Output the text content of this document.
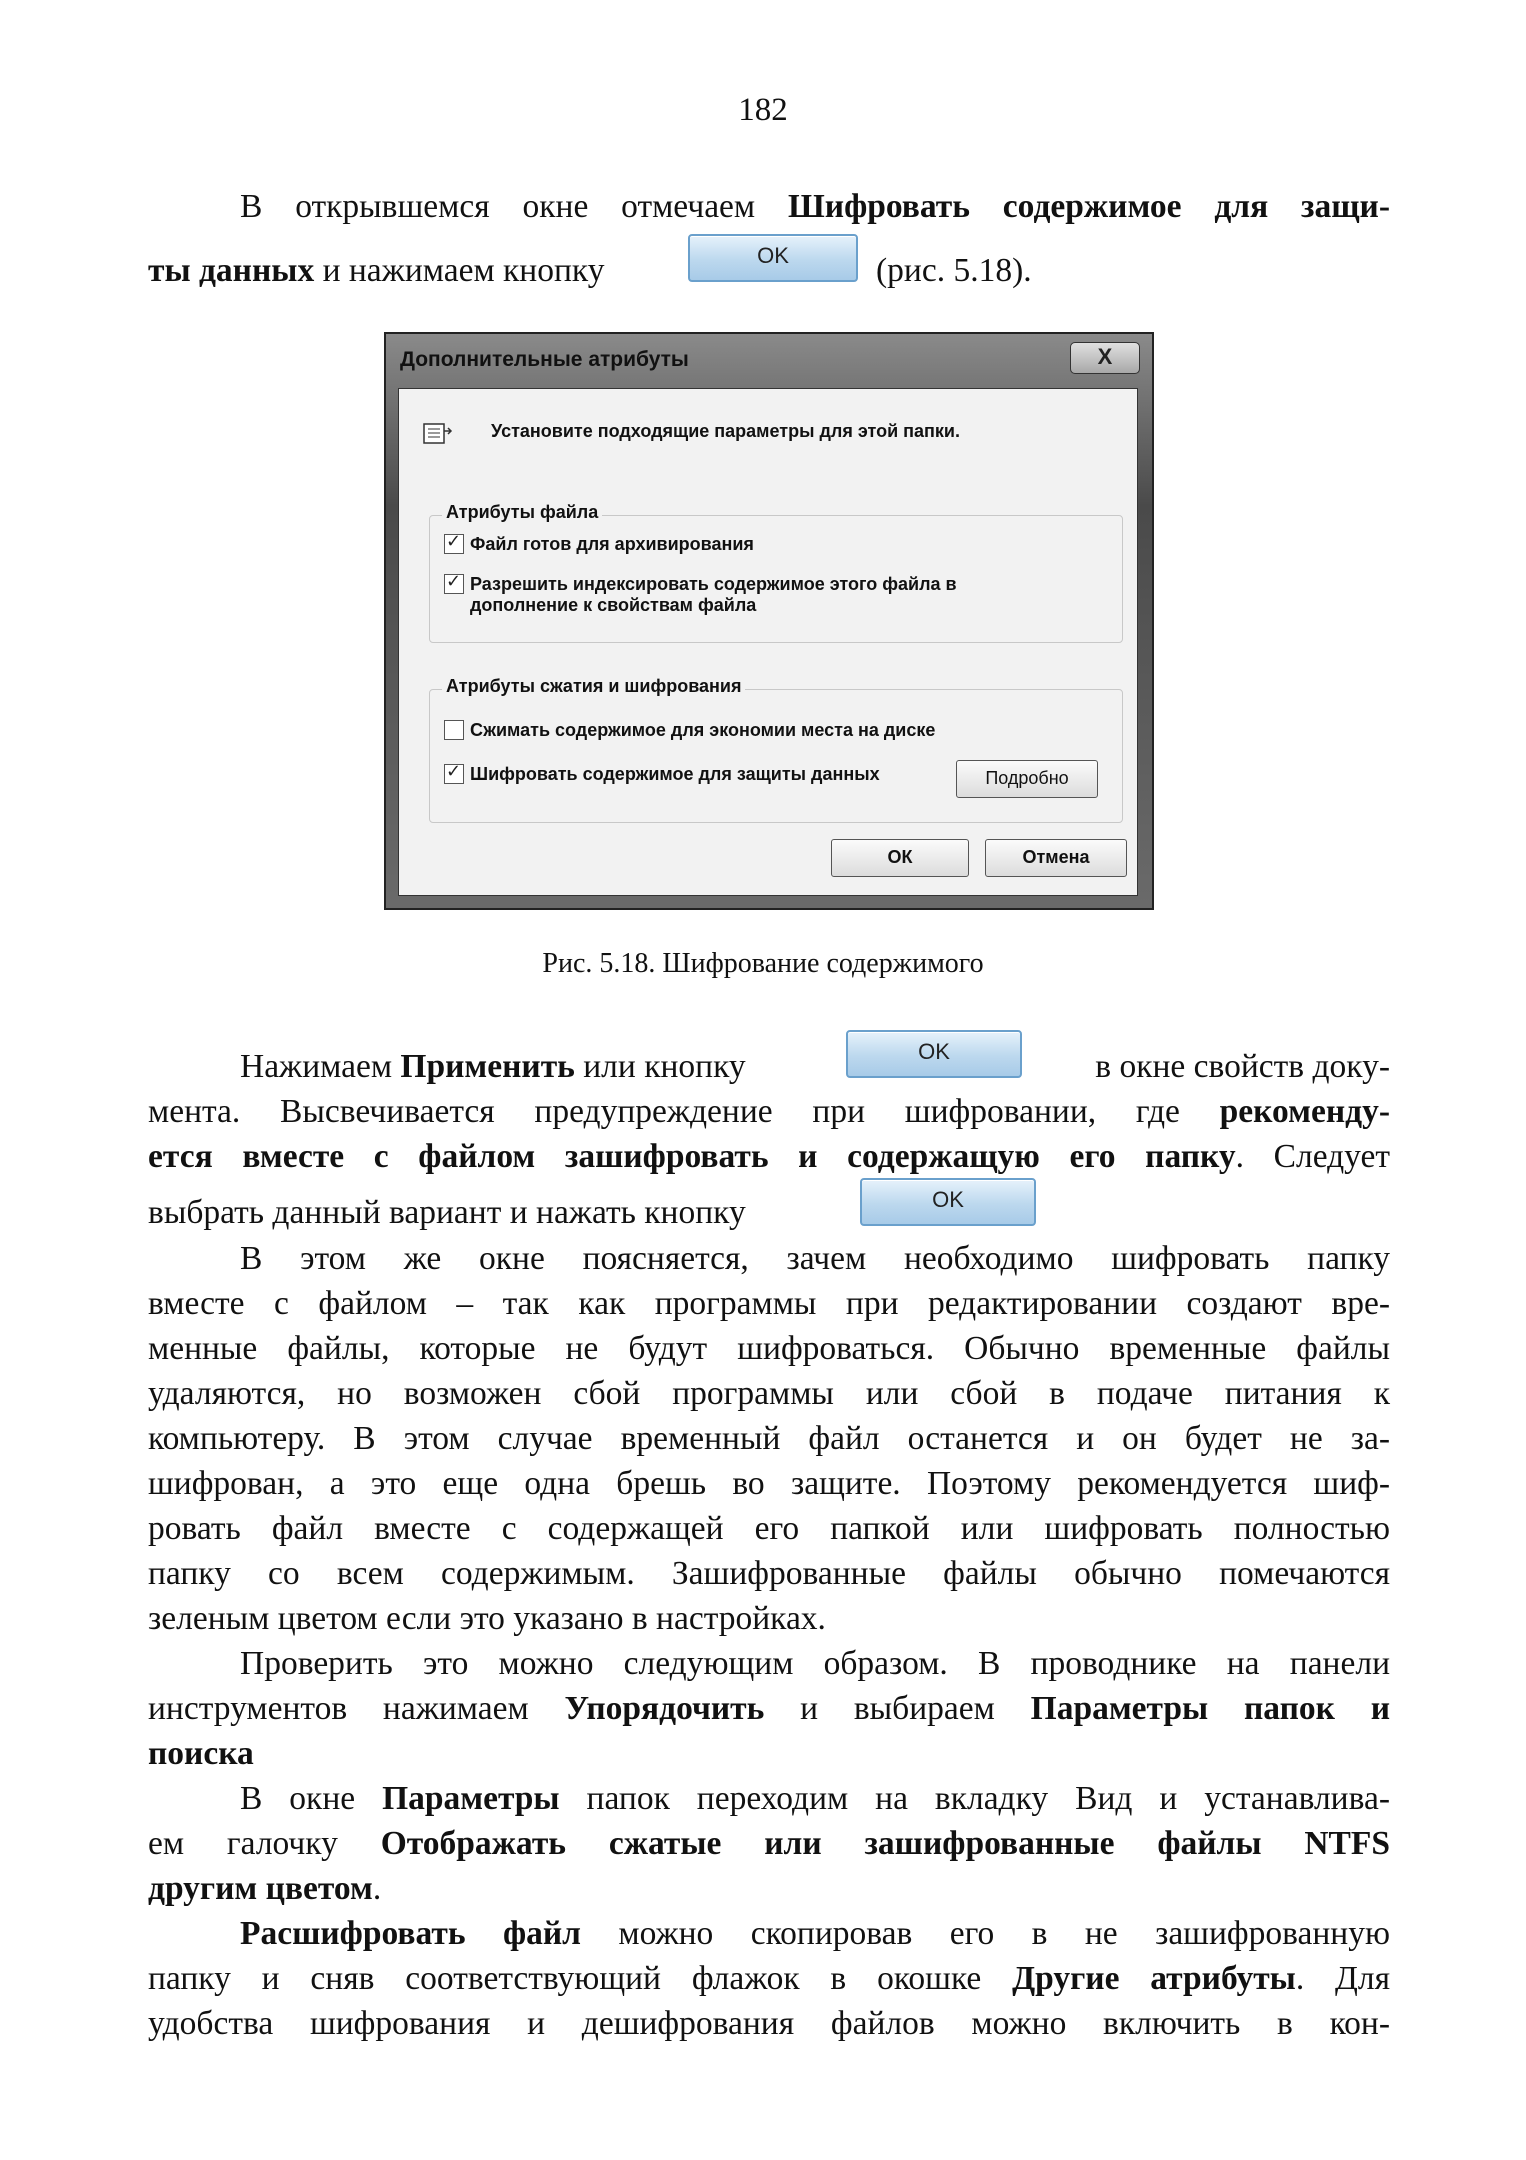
182
В открывшемся окне отмечаем Шифровать содержимое для защи-
ты данных и нажимаем кнопку	OK	(рис. 5.18).
Дополнительные атрибуты	X
Установите подходящие параметры для этой папки.
Атрибуты файла
✓
Файл готов для архивирования
✓
Разрешить индексировать содержимое этого файла в
дополнение к свойствам файла
Атрибуты сжатия и шифрования
Сжимать содержимое для экономии места на диске
✓
Шифровать содержимое для защиты данных	Подробно
ОК	Отмена
Рис. 5.18. Шифрование содержимого
Нажимаем Применить или кнопку	OK	в окне свойств доку-
мента. Высвечивается предупреждение при шифровании, где рекоменду-
ется вместе с файлом зашифровать и содержащую его папку. Следует
выбрать данный вариант и нажать кнопку	OK
В этом же окне поясняется, зачем необходимо шифровать папку
вместе с файлом – так как программы при редактировании создают вре-
менные файлы, которые не будут шифроваться. Обычно временные файлы
удаляются, но возможен сбой программы или сбой в подаче питания к
компьютеру. В этом случае временный файл останется и он будет не за-
шифрован, а это еще одна брешь во защите. Поэтому рекомендуется шиф-
ровать файл вместе с содержащей его папкой или шифровать полностью
папку со всем содержимым. Зашифрованные файлы обычно помечаются
зеленым цветом если это указано в настройках.
Проверить это можно следующим образом. В проводнике на панели
инструментов нажимаем Упорядочить и выбираем Параметры папок и
поиска
В окне Параметры папок переходим на вкладку Вид и устанавлива-
ем галочку Отображать сжатые или зашифрованные файлы NTFS
другим цветом.
Расшифровать файл можно скопировав его в не зашифрованную
папку и сняв соответствующий флажок в окошке Другие атрибуты. Для
удобства шифрования и дешифрования файлов можно включить в кон-
